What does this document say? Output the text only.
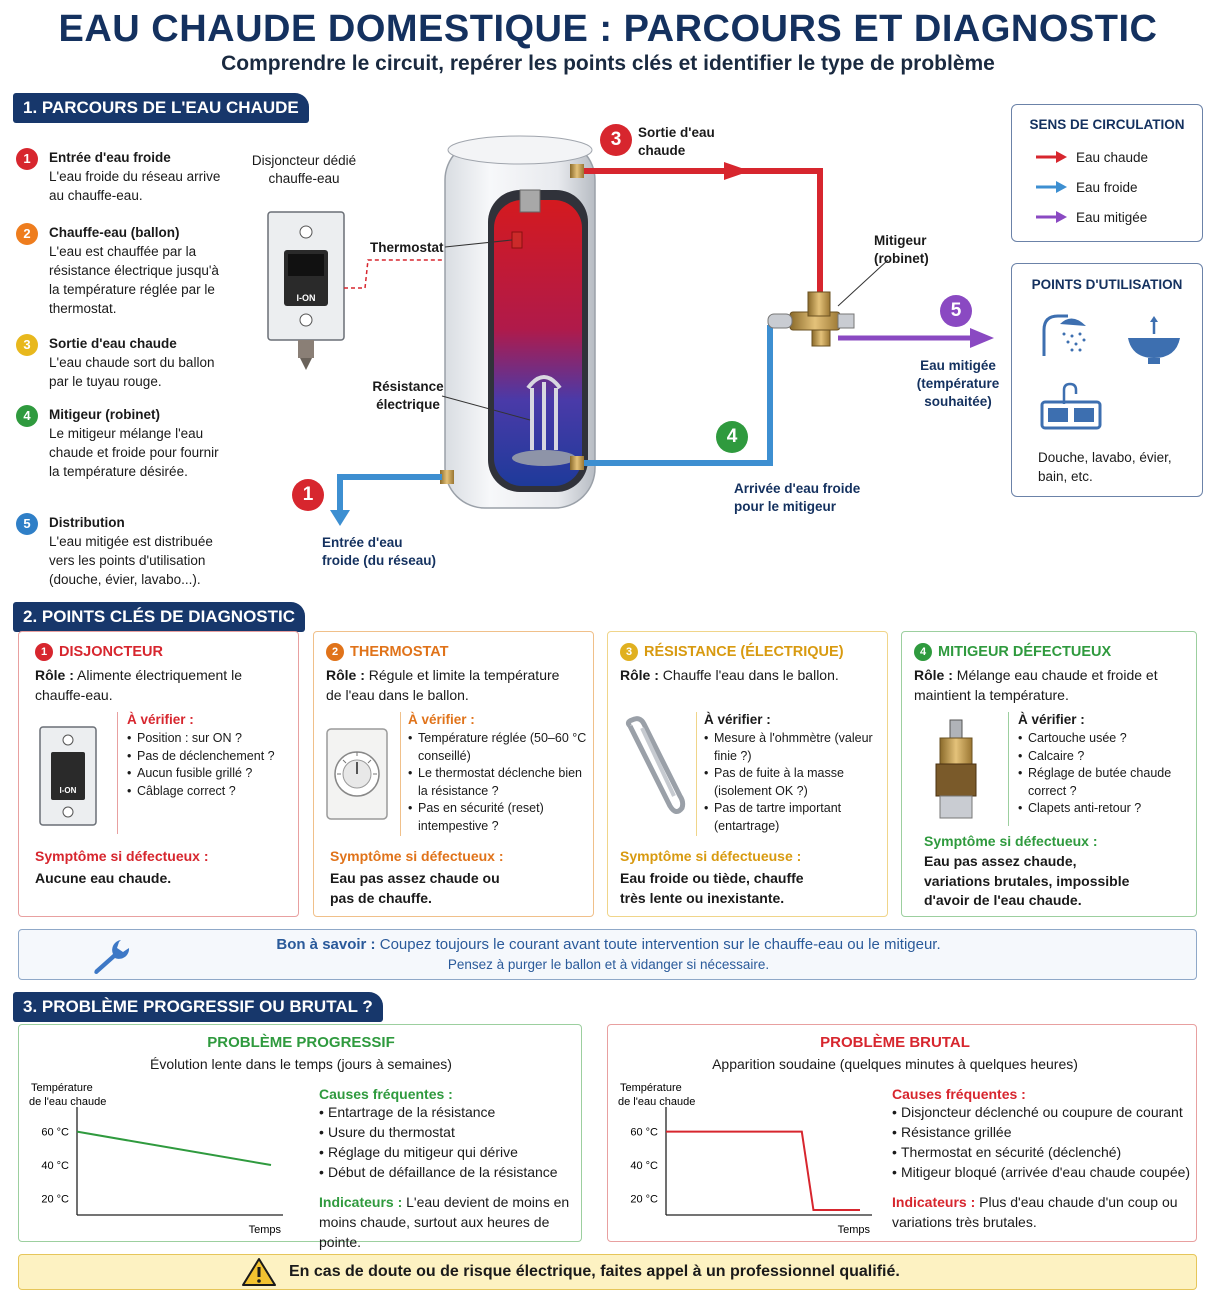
EAU CHAUDE DOMESTIQUE : PARCOURS ET DIAGNOSTIC
Comprendre le circuit, repérer les points clés et identifier le type de problème
1. PARCOURS DE L'EAU CHAUDE
1	Entrée d'eau froide
L'eau froide du réseau arrive au chauffe-eau.
2	Chauffe-eau (ballon)
L'eau est chauffée par la résistance électrique jusqu'à la température réglée par le thermostat.
3	Sortie d'eau chaude
L'eau chaude sort du ballon par le tuyau rouge.
4	Mitigeur (robinet)
Le mitigeur mélange l'eau chaude et froide pour fournir la température désirée.
5	Distribution
L'eau mitigée est distribuée vers les points d'utilisation (douche, évier, lavabo...).
I-ON
Disjoncteur dédié chauffe-eau
Thermostat
Résistance électrique
3	Sortie d'eau chaude
1
Entrée d'eau froide (du réseau)
Mitigeur (robinet)
4
Arrivée d'eau froide pour le mitigeur
5
Eau mitigée (température souhaitée)
SENS DE CIRCULATION
Eau chaude
Eau froide
Eau mitigée
POINTS D'UTILISATION
Douche, lavabo, évier, bain, etc.
2. POINTS CLÉS DE DIAGNOSTIC
1 DISJONCTEUR
Rôle : Alimente électriquement le chauffe-eau.
I-ON
À vérifier :
• Position : sur ON ?
• Pas de déclenchement ?
• Aucun fusible grillé ?
• Câblage correct ?
Symptôme si défectueux :
Aucune eau chaude.
2 THERMOSTAT
Rôle : Régule et limite la température de l'eau dans le ballon.
À vérifier :
• Température réglée (50–60 °C conseillé)
• Le thermostat déclenche bien la résistance ?
• Pas en sécurité (reset) intempestive ?
Symptôme si défectueux :
Eau pas assez chaude ou pas de chauffe.
3 RÉSISTANCE (ÉLECTRIQUE)
Rôle : Chauffe l'eau dans le ballon.
À vérifier :
• Mesure à l'ohmmètre (valeur finie ?)
• Pas de fuite à la masse (isolement OK ?)
• Pas de tartre important (entartrage)
Symptôme si défectueuse :
Eau froide ou tiède, chauffe très lente ou inexistante.
4 MITIGEUR DÉFECTUEUX
Rôle : Mélange eau chaude et froide et maintient la température.
À vérifier :
• Cartouche usée ?
• Calcaire ?
• Réglage de butée chaude correct ?
• Clapets anti-retour ?
Symptôme si défectueux :
Eau pas assez chaude, variations brutales, impossible d'avoir de l'eau chaude.
Bon à savoir : Coupez toujours le courant avant toute intervention sur le chauffe-eau ou le mitigeur.
Pensez à purger le ballon et à vidanger si nécessaire.
3. PROBLÈME PROGRESSIF OU BRUTAL ?
PROBLÈME PROGRESSIF
Évolution lente dans le temps (jours à semaines)
Température
de l'eau chaude
60 °C
40 °C
20 °C
Temps
Causes fréquentes :
• Entartrage de la résistance
• Usure du thermostat
• Réglage du mitigeur qui dérive
• Début de défaillance de la résistance
Indicateurs : L'eau devient de moins en moins chaude, surtout aux heures de pointe.
PROBLÈME BRUTAL
Apparition soudaine (quelques minutes à quelques heures)
Température
de l'eau chaude
60 °C
40 °C
20 °C
Temps
Causes fréquentes :
• Disjoncteur déclenché ou coupure de courant
• Résistance grillée
• Thermostat en sécurité (déclenché)
• Mitigeur bloqué (arrivée d'eau chaude coupée)
Indicateurs : Plus d'eau chaude d'un coup ou variations très brutales.
En cas de doute ou de risque électrique, faites appel à un professionnel qualifié.
